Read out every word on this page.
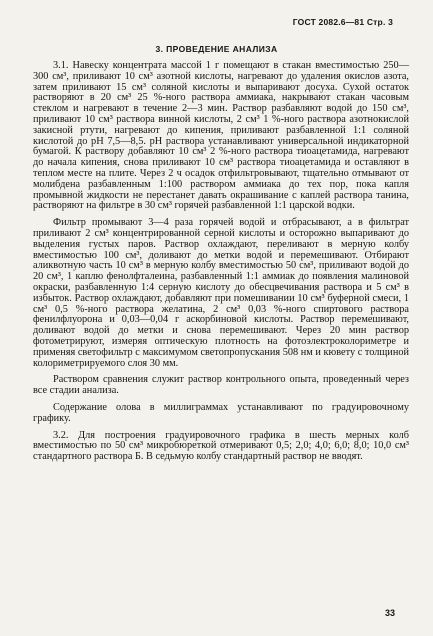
ГОСТ 2082.6—81 Стр. 3
3. ПРОВЕДЕНИЕ АНАЛИЗА

3.1. Навеску концентрата массой 1 г помещают в стакан вместимостью 250—300 см³, приливают 10 см³ азотной кислоты, нагревают до удаления окислов азота, затем приливают 15 см³ соляной кислоты и выпаривают досуха. Сухой остаток растворяют в 20 см³ 25 %-ного раствора аммиака, накрывают стакан часовым стеклом и нагревают в течение 2—3 мин. Раствор разбавляют водой до 150 см³, приливают 10 см³ раствора винной кислоты, 2 см³ 1 %-ного раствора азотнокислой закисной ртути, нагревают до кипения, приливают разбавленной 1:1 соляной кислотой до рН 7,5—8,5. рН раствора устанавливают универсальной индикаторной бумагой. К раствору добавляют 10 см³ 2 %-ного раствора тиоацетамида, нагревают до начала кипения, снова приливают 10 см³ раствора тиоацетамида и оставляют в теплом месте на плите. Через 2 ч осадок отфильтровывают, тщательно отмывают от молибдена разбавленным 1:100 раствором аммиака до тех пор, пока капля промывной жидкости не перестанет давать окрашивание с каплей раствора танина, растворяют на фильтре в 30 см³ горячей разбавленной 1:1 царской водки.

Фильтр промывают 3—4 раза горячей водой и отбрасывают, а в фильтрат приливают 2 см³ концентрированной серной кислоты и осторожно выпаривают до выделения густых паров. Раствор охлаждают, переливают в мерную колбу вместимостью 100 см³, доливают до метки водой и перемешивают. Отбирают аликвотную часть 10 см³ в мерную колбу вместимостью 50 см³, приливают водой до 20 см³, 1 каплю фенолфталеина, разбавленный 1:1 аммиак до появления малиновой окраски, разбавленную 1:4 серную кислоту до обесцвечивания раствора и 5 см³ в избыток. Раствор охлаждают, добавляют при помешивании 10 см³ буферной смеси, 1 см³ 0,5 %-ного раствора желатина, 2 см³ 0,03 %-ного спиртового раствора фенилфлуорона и 0,03—0,04 г аскорбиновой кислоты. Раствор перемешивают, доливают водой до метки и снова перемешивают. Через 20 мин раствор фотометрируют, измеряя оптическую плотность на фотоэлектроколориметре и применяя светофильтр с максимумом светопропускания 508 нм и кювету с толщиной колориметрируемого слоя 30 мм.

Раствором сравнения служит раствор контрольного опыта, проведенный через все стадии анализа.

Содержание олова в миллиграммах устанавливают по градуировочному графику.

3.2. Для построения градуировочного графика в шесть мерных колб вместимостью по 50 см³ микробюреткой отмеривают 0,5; 2,0; 4,0; 6,0; 8,0; 10,0 см³ стандартного раствора Б. В седьмую колбу стандартный раствор не вводят.

33
